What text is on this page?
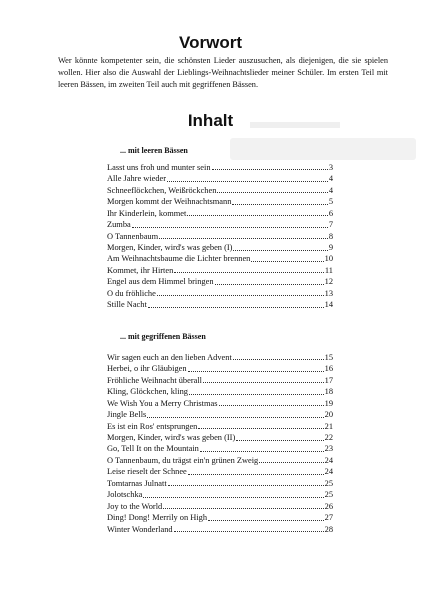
Vorwort
Wer könnte kompetenter sein, die schönsten Lieder auszusuchen, als diejenigen, die sie spielen wollen. Hier also die Auswahl der Lieblings-Weihnachtslieder meiner Schüler. Im ersten Teil mit leeren Bässen, im zweiten Teil auch mit gegriffenen Bässen.
Inhalt
... mit leeren Bässen
Lasst uns froh und munter sein	3
Alle Jahre wieder	4
Schneeflöckchen, Weißröckchen	4
Morgen kommt der Weihnachtsmann	5
Ihr Kinderlein, kommet	6
Zumba	7
O Tannenbaum	8
Morgen, Kinder, wird's was geben (I)	9
Am Weihnachtsbaume die Lichter brennen	10
Kommet, ihr Hirten	11
Engel aus dem Himmel bringen	12
O du fröhliche	13
Stille Nacht	14
... mit gegriffenen Bässen
Wir sagen euch an den lieben Advent	15
Herbei, o ihr Gläubigen	16
Fröhliche Weihnacht überall	17
Kling, Glöckchen, kling	18
We Wish You a Merry Christmas	19
Jingle Bells	20
Es ist ein Ros' entsprungen	21
Morgen, Kinder, wird's was geben (II)	22
Go, Tell It on the Mountain	23
O Tannenbaum, du trägst ein'n grünen Zweig	24
Leise rieselt der Schnee	24
Tomtarnas Julnatt	25
Jolotschka	25
Joy to the World	26
Ding! Dong! Merrily on High	27
Winter Wonderland	28
